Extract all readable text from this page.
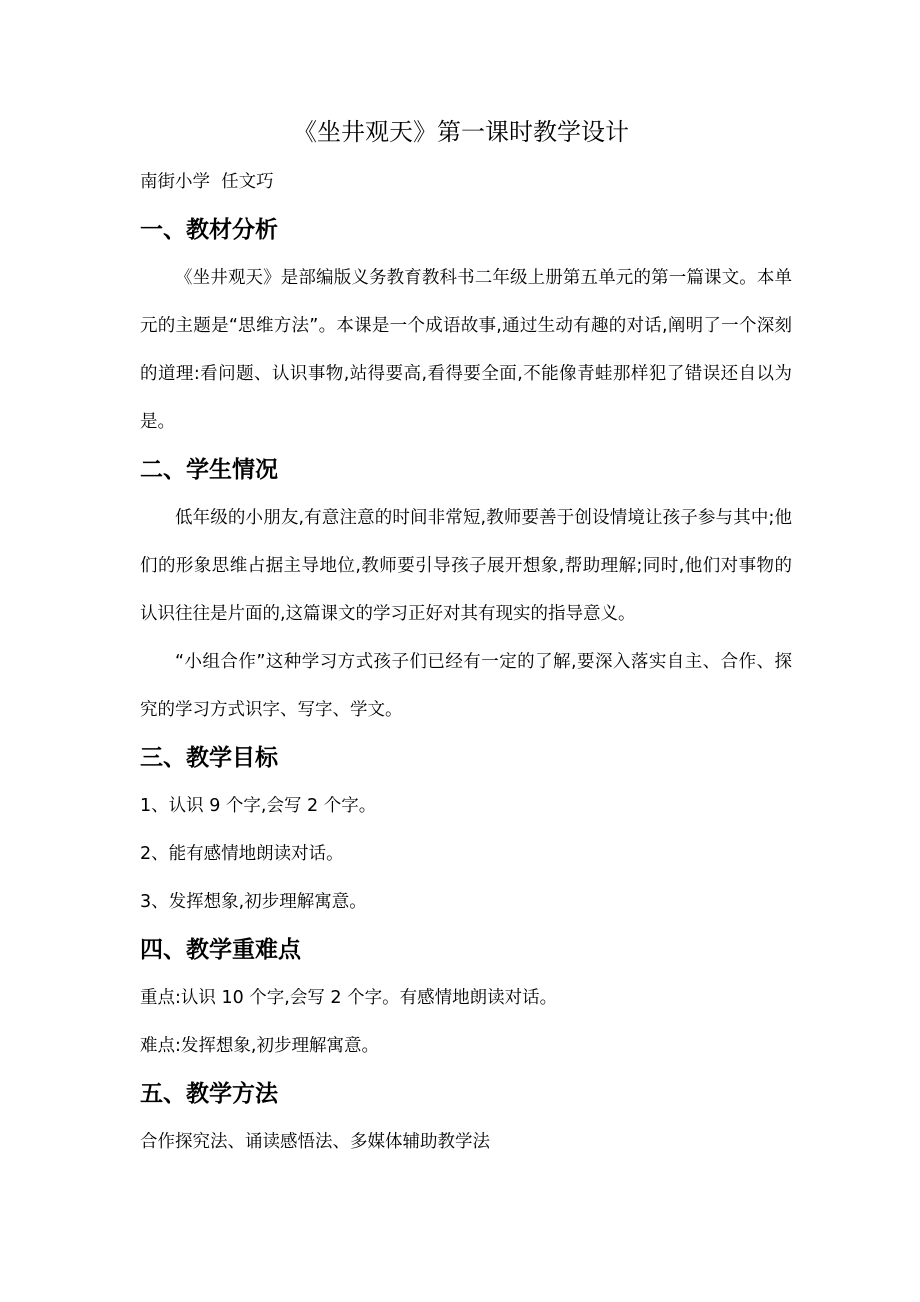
《坐井观天》第一课时教学设计
南街小学  任文巧
一、教材分析
《坐井观天》是部编版义务教育教科书二年级上册第五单元的第一篇课文。本单元的主题是“思维方法”。本课是一个成语故事,通过生动有趣的对话,阐明了一个深刻的道理:看问题、认识事物,站得要高,看得要全面,不能像青蛙那样犯了错误还自以为是。
二、学生情况
低年级的小朋友,有意注意的时间非常短,教师要善于创设情境让孩子参与其中;他们的形象思维占据主导地位,教师要引导孩子展开想象,帮助理解;同时,他们对事物的认识往往是片面的,这篇课文的学习正好对其有现实的指导意义。
“小组合作”这种学习方式孩子们已经有一定的了解,要深入落实自主、合作、探究的学习方式识字、写字、学文。
三、教学目标
1、认识 9 个字,会写 2 个字。
2、能有感情地朗读对话。
3、发挥想象,初步理解寓意。
四、教学重难点
重点:认识 10 个字,会写 2 个字。有感情地朗读对话。
难点:发挥想象,初步理解寓意。
五、教学方法
合作探究法、诵读感悟法、多媒体辅助教学法
